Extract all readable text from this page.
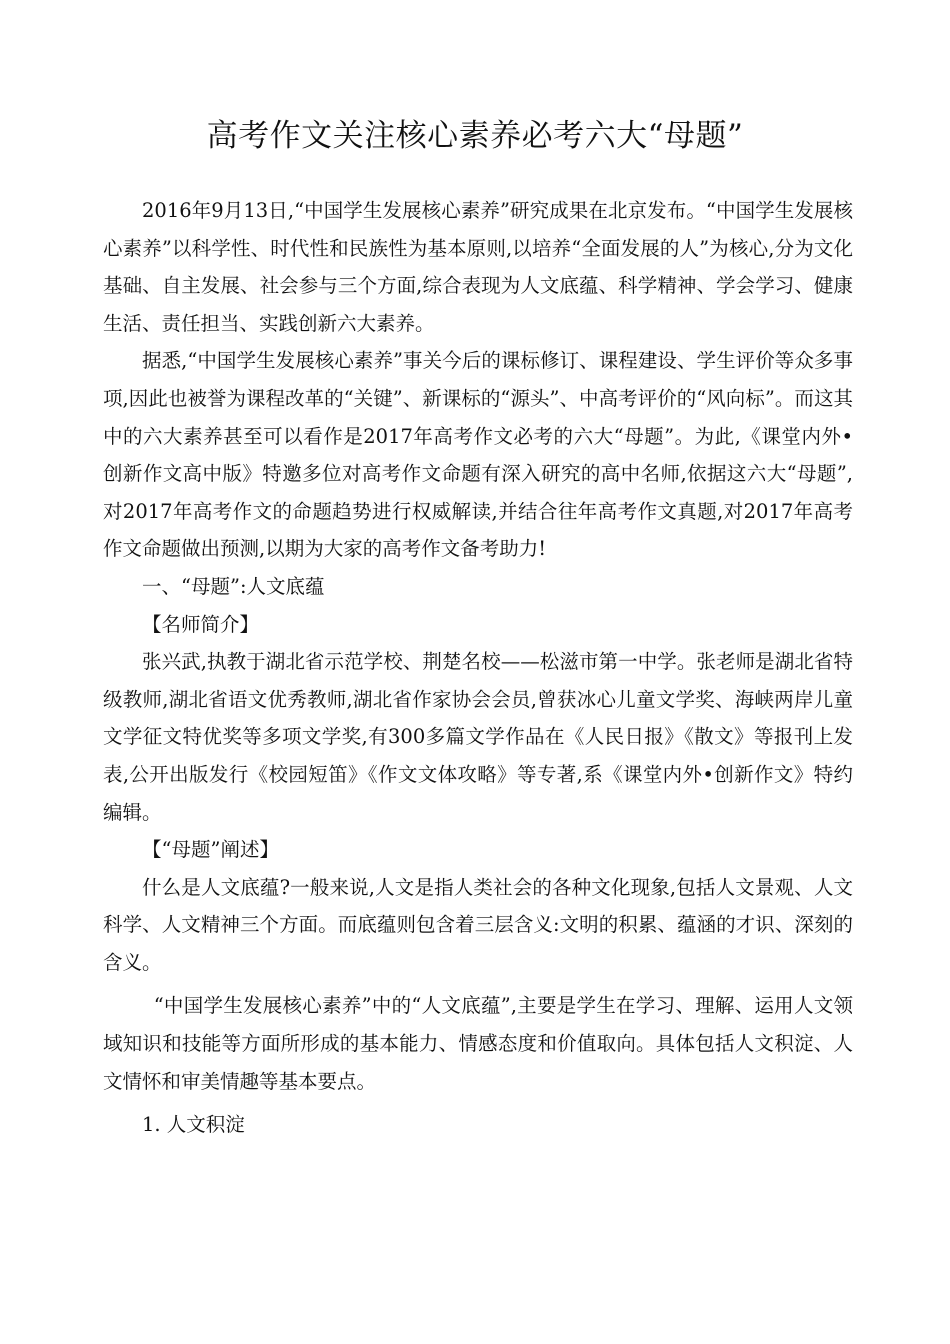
高考作文关注核心素养必考六大“母题”

2016年9月13日,“中国学生发展核心素养”研究成果在北京发布。“中国学生发展核心素养”以科学性、时代性和民族性为基本原则,以培养“全面发展的人”为核心,分为文化基础、自主发展、社会参与三个方面,综合表现为人文底蕴、科学精神、学会学习、健康生活、责任担当、实践创新六大素养。

据悉,“中国学生发展核心素养”事关今后的课标修订、课程建设、学生评价等众多事项,因此也被誉为课程改革的“关键”、新课标的“源头”、中高考评价的“风向标”。而这其中的六大素养甚至可以看作是2017年高考作文必考的六大“母题”。为此,《课堂内外•创新作文高中版》特邀多位对高考作文命题有深入研究的高中名师,依据这六大“母题”,对2017年高考作文的命题趋势进行权威解读,并结合往年高考作文真题,对2017年高考作文命题做出预测,以期为大家的高考作文备考助力!

一、“母题”:人文底蕴

【名师简介】

张兴武,执教于湖北省示范学校、荆楚名校——松滋市第一中学。张老师是湖北省特级教师,湖北省语文优秀教师,湖北省作家协会会员,曾获冰心儿童文学奖、海峡两岸儿童文学征文特优奖等多项文学奖,有300多篇文学作品在《人民日报》《散文》等报刊上发表,公开出版发行《校园短笛》《作文文体攻略》等专著,系《课堂内外•创新作文》特约编辑。

【“母题”阐述】

什么是人文底蕴?一般来说,人文是指人类社会的各种文化现象,包括人文景观、人文科学、人文精神三个方面。而底蕴则包含着三层含义:文明的积累、蕴涵的才识、深刻的含义。

“中国学生发展核心素养”中的“人文底蕴”,主要是学生在学习、理解、运用人文领域知识和技能等方面所形成的基本能力、情感态度和价值取向。具体包括人文积淀、人文情怀和审美情趣等基本要点。

1. 人文积淀
